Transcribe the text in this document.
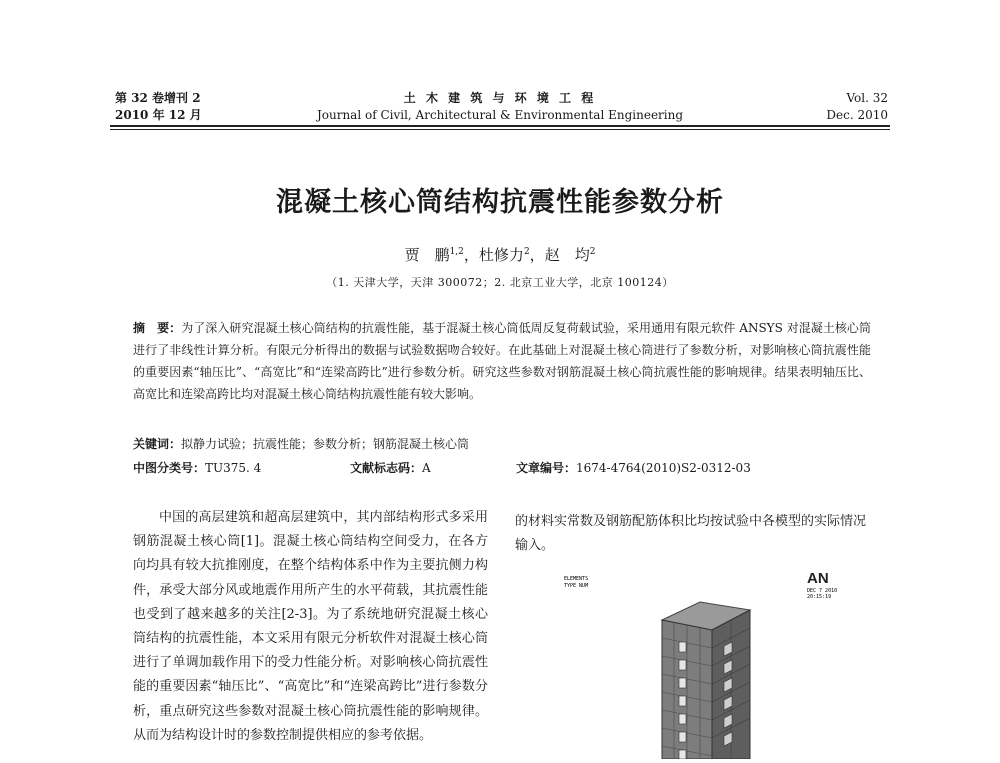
第 32 卷增刊 2
2010 年 12 月
土 木 建 筑 与 环 境 工 程
Journal of Civil, Architectural & Environmental Engineering
Vol. 32
Dec. 2010
混凝土核心筒结构抗震性能参数分析
贾　鹏$^{1,2}$，杜修力$^2$，赵　均$^2$
（1. 天津大学，天津 300072；2. 北京工业大学，北京 100124）
摘　要：为了深入研究混凝土核心筒结构的抗震性能，基于混凝土核心筒低周反复荷载试验，采用通用有限元软件 ANSYS 对混凝土核心筒进行了非线性计算分析。有限元分析得出的数据与试验数据吻合较好。在此基础上对混凝土核心筒进行了参数分析，对影响核心筒抗震性能的重要因素“轴压比”、“高宽比”和“连梁高跨比”进行参数分析。研究这些参数对钢筋混凝土核心筒抗震性能的影响规律。结果表明轴压比、高宽比和连梁高跨比均对混凝土核心筒结构抗震性能有较大影响。
关键词：拟静力试验；抗震性能；参数分析；钢筋混凝土核心筒
中图分类号：TU375. 4	文献标志码：A	文章编号：1674-4764(2010)S2-0312-03

中国的高层建筑和超高层建筑中，其内部结构形式多采用钢筋混凝土核心筒[1]。混凝土核心筒结构空间受力，在各方向均具有较大抗推刚度，在整个结构体系中作为主要抗侧力构件，承受大部分风或地震作用所产生的水平荷载，其抗震性能也受到了越来越多的关注[2-3]。为了系统地研究混凝土核心筒结构的抗震性能，本文采用有限元分析软件对混凝土核心筒进行了单调加载作用下的受力性能分析。对影响核心筒抗震性能的重要因素“轴压比”、“高宽比”和“连梁高跨比”进行参数分析，重点研究这些参数对混凝土核心筒抗震性能的影响规律。从而为结构设计时的参数控制提供相应的参考依据。

的材料实常数及钢筋配筋体积比均按试验中各模型的实际情况输入。
ELEMENTS
TYPE NUM	AN
DEC 7 2010
20:15:19
